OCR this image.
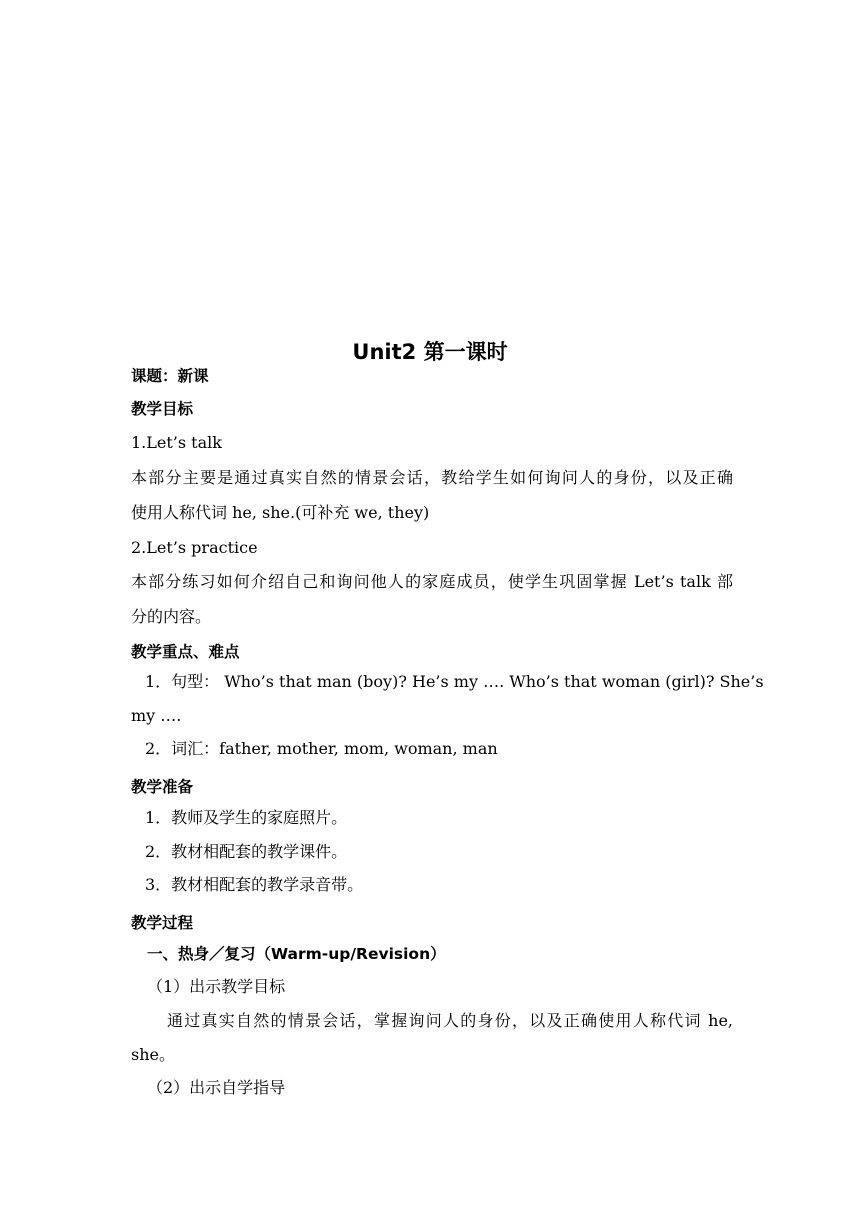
Unit2 第一课时
课题：新课
教学目标
1.Let’s talk
本部分主要是通过真实自然的情景会话，教给学生如何询问人的身份，以及正确
使用人称代词 he, she.(可补充 we, they)
2.Let’s practice
本部分练习如何介绍自己和询问他人的家庭成员，使学生巩固掌握 Let’s talk 部
分的内容。
教学重点、难点
1．句型： Who’s that man (boy)? He’s my …. Who’s that woman (girl)? She’s
my ….
2．词汇：father, mother, mom, woman, man
教学准备
1．教师及学生的家庭照片。
2．教材相配套的教学课件。
3．教材相配套的教学录音带。
教学过程
一、热身／复习（Warm-up/Revision）
（1）出示教学目标
通过真实自然的情景会话，掌握询问人的身份，以及正确使用人称代词 he,
she。
（2）出示自学指导
